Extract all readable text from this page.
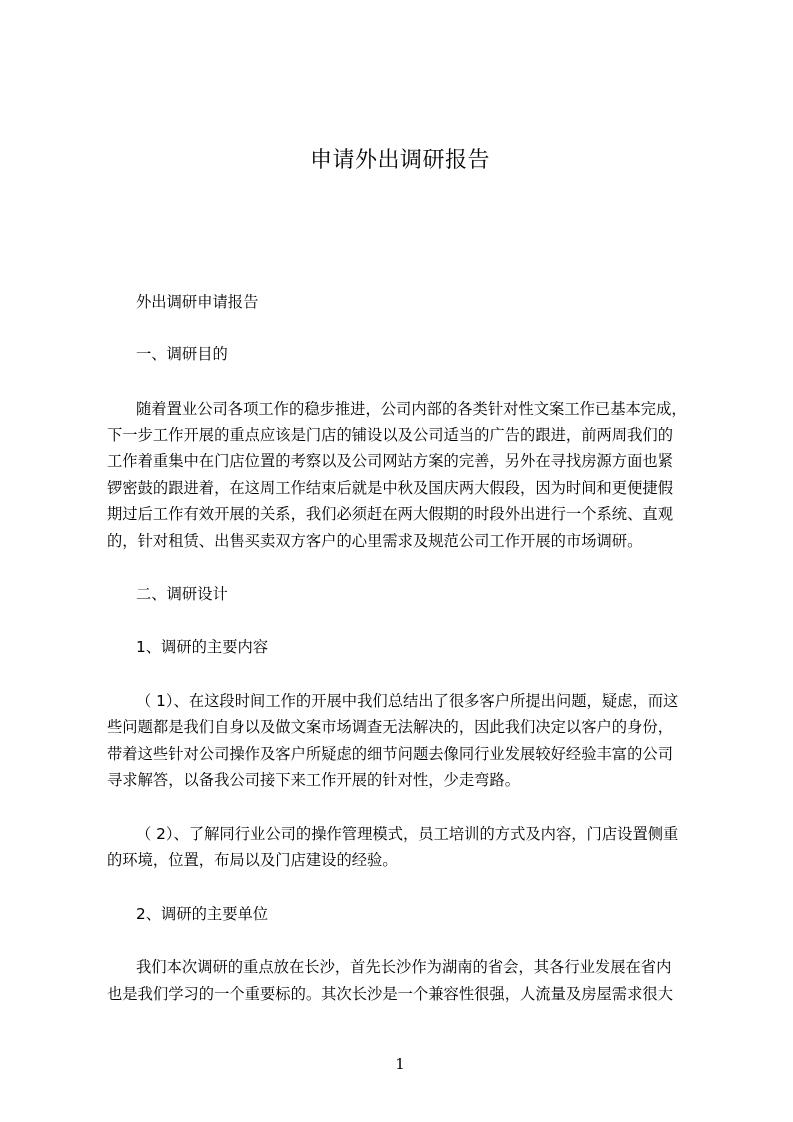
申请外出调研报告
外出调研申请报告
一、调研目的
随着置业公司各项工作的稳步推进，公司内部的各类针对性文案工作已基本完成，
下一步工作开展的重点应该是门店的铺设以及公司适当的广告的跟进，前两周我们的
工作着重集中在门店位置的考察以及公司网站方案的完善，另外在寻找房源方面也紧
锣密鼓的跟进着，在这周工作结束后就是中秋及国庆两大假段，因为时间和更便捷假
期过后工作有效开展的关系，我们必须赶在两大假期的时段外出进行一个系统、直观
的，针对租赁、出售买卖双方客户的心里需求及规范公司工作开展的市场调研。
二、调研设计
1、调研的主要内容
（ 1）、在这段时间工作的开展中我们总结出了很多客户所提出问题，疑虑，而这
些问题都是我们自身以及做文案市场调查无法解决的，因此我们决定以客户的身份，
带着这些针对公司操作及客户所疑虑的细节问题去像同行业发展较好经验丰富的公司
寻求解答，以备我公司接下来工作开展的针对性，少走弯路。
（ 2）、了解同行业公司的操作管理模式，员工培训的方式及内容，门店设置侧重
的环境，位置，布局以及门店建设的经验。
2、调研的主要单位
我们本次调研的重点放在长沙，首先长沙作为湖南的省会，其各行业发展在省内
也是我们学习的一个重要标的。其次长沙是一个兼容性很强，人流量及房屋需求很大
1
